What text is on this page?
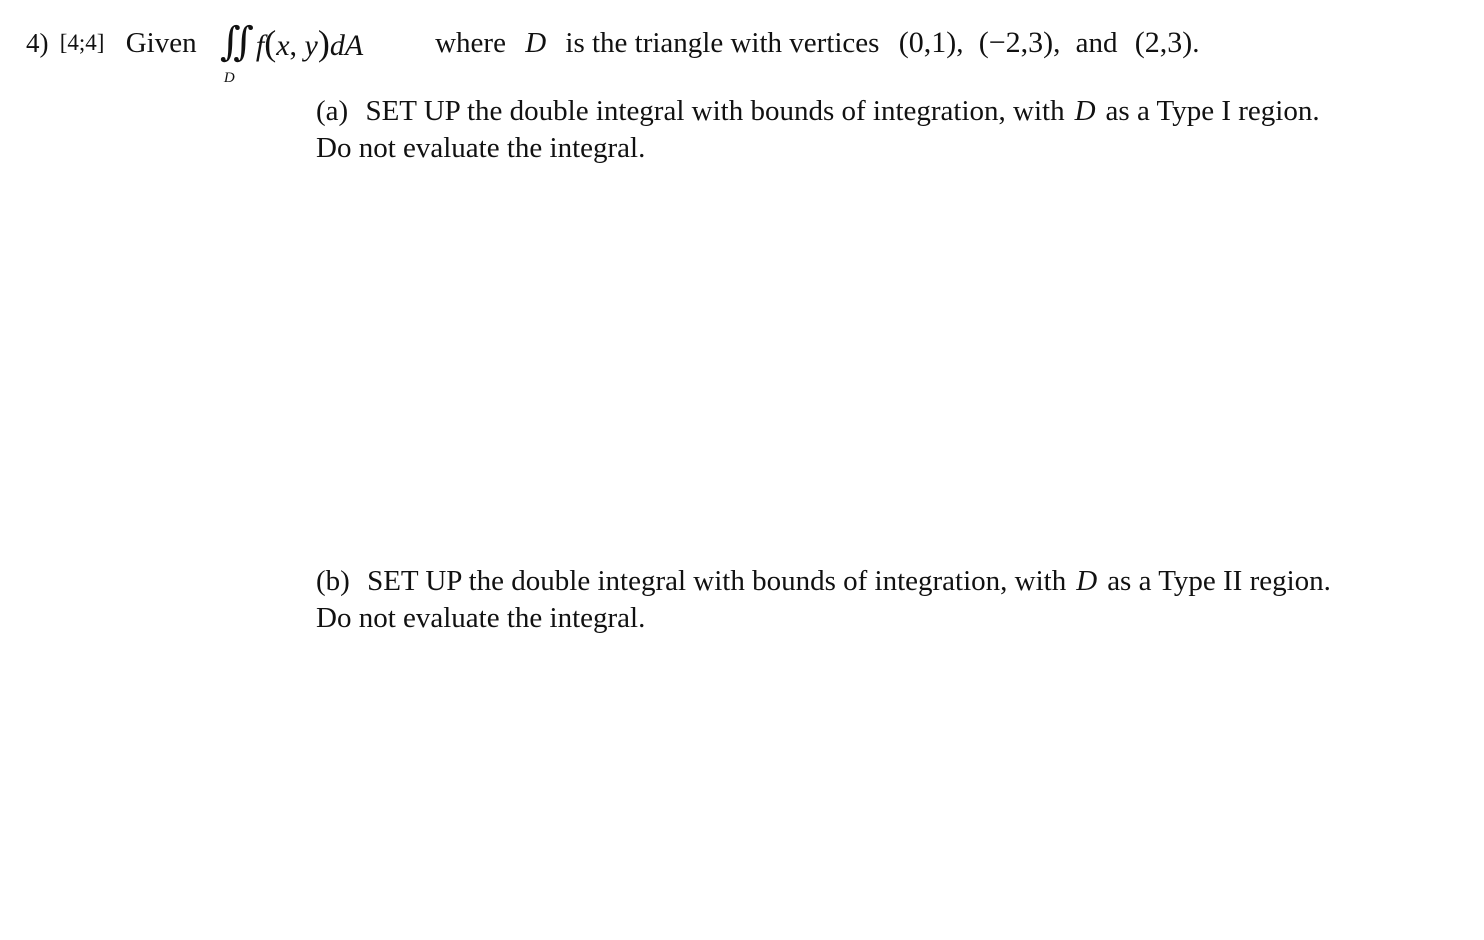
4) [4;4] Given ∬
D
f(x, y)dA where D is the triangle with vertices (0,1), (−2,3), and (2,3).
(a) SET UP the double integral with bounds of integration, with D as a Type I region.
Do not evaluate the integral.
(b) SET UP the double integral with bounds of integration, with D as a Type II region.
Do not evaluate the integral.
